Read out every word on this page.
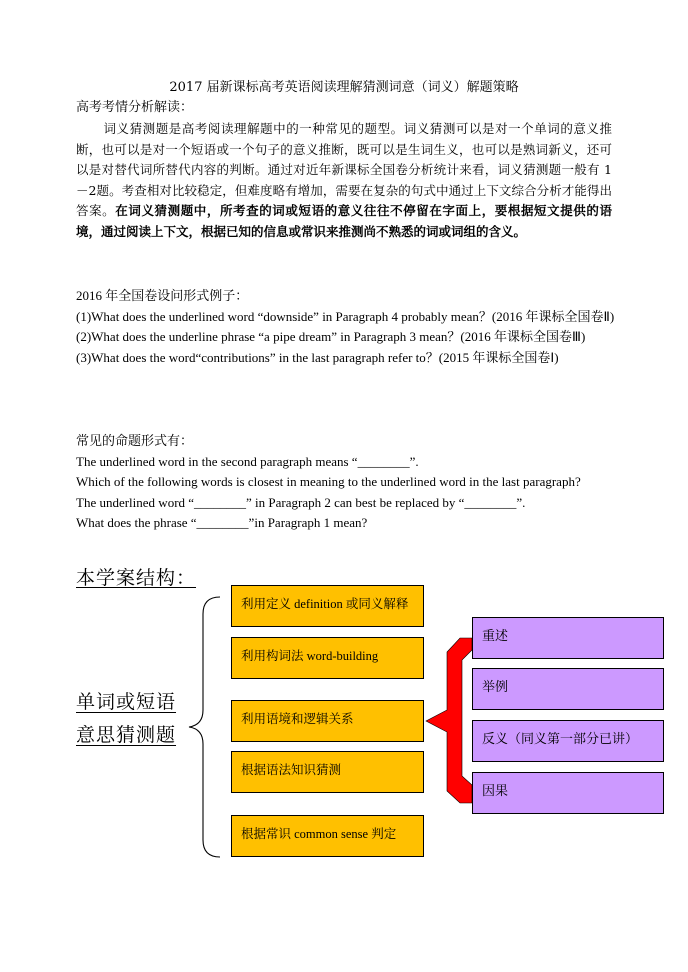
2017 届新课标高考英语阅读理解猜测词意（词义）解题策略
高考考情分析解读：
词义猜测题是高考阅读理解题中的一种常见的题型。词义猜测可以是对一个单词的意义推断，也可以是对一个短语或一个句子的意义推断，既可以是生词生义，也可以是熟词新义，还可以是对替代词所替代内容的判断。通过对近年新课标全国卷分析统计来看，词义猜测题一般有 1－2题。考查相对比较稳定，但难度略有增加，需要在复杂的句式中通过上下文综合分析才能得出答案。在词义猜测题中，所考查的词或短语的意义往往不停留在字面上，要根据短文提供的语境，通过阅读上下文，根据已知的信息或常识来推测尚不熟悉的词或词组的含义。

2016 年全国卷设问形式例子：

(1)What does the underlined word “downside” in Paragraph 4 probably mean？(2016 年课标全国卷Ⅱ)

(2)What does the underline phrase “a pipe dream” in Paragraph 3 mean？(2016 年课标全国卷Ⅲ)

(3)What does the word“contributions” in the last paragraph refer to？(2015 年课标全国卷Ⅰ)

常见的命题形式有：

The underlined word in the second paragraph means “________”.

Which of the following words is closest in meaning to the underlined word in the last paragraph?

The underlined word “________” in Paragraph 2 can best be replaced by “________”.

What does the phrase “________”in Paragraph 1 mean?

本学案结构：
单词或短语
意思猜测题
利用定义 definition 或同义解释
利用构词法 word-building
利用语境和逻辑关系
根据语法知识猜测
根据常识 common sense 判定
重述
举例
反义（同义第一部分已讲）
因果
